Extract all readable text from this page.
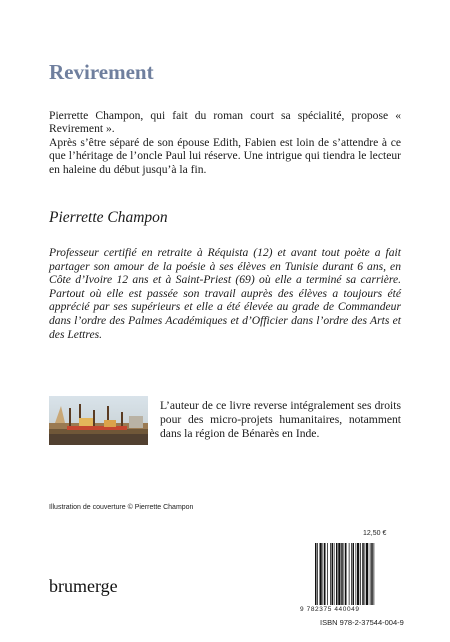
Revirement

Pierrette Champon, qui fait du roman court sa spécialité, propose « Revirement ».

Après s’être séparé de son épouse Edith, Fabien est loin de s’attendre à ce que l’héritage de l’oncle Paul lui réserve. Une intrigue qui tiendra le lecteur en haleine du début jusqu’à la fin.

Pierrette Champon

Professeur certifié en retraite à Réquista (12) et avant tout poète a fait partager son amour de la poésie à ses élèves en Tunisie durant 6 ans, en Côte d’Ivoire 12 ans et à Saint-Priest (69) où elle a terminé sa carrière. Partout où elle est passée son travail auprès des élèves a toujours été apprécié par ses supérieurs et elle a été élevée au grade de Commandeur dans l’ordre des Palmes Académiques et d’Officier dans l’ordre des Arts et des Lettres.

L’auteur de ce livre reverse intégralement ses droits pour des micro-projets humanitaires, notamment dans la région de Bénarès en Inde.

Illustration de couverture © Pierrette Champon
12,50 €
9 782375 440049
ISBN 978-2-37544-004-9
brumerge
